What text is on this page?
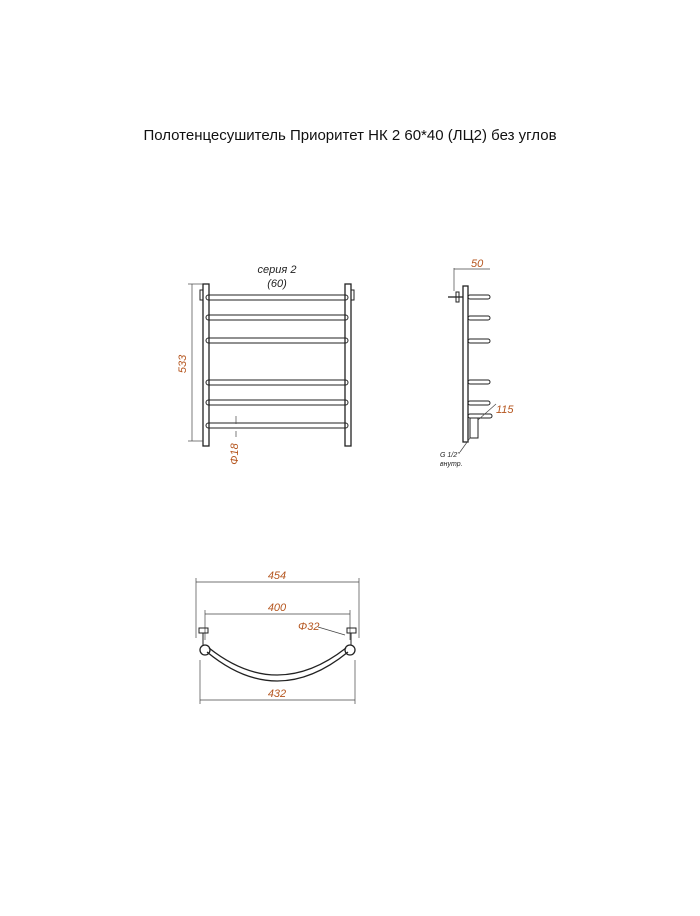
Полотенцесушитель Приоритет НК 2 60*40 (ЛЦ2) без углов
533
Φ18
серия 2
(60)
50
115
G 1/2"
внутр.
454
400
Φ32
432
